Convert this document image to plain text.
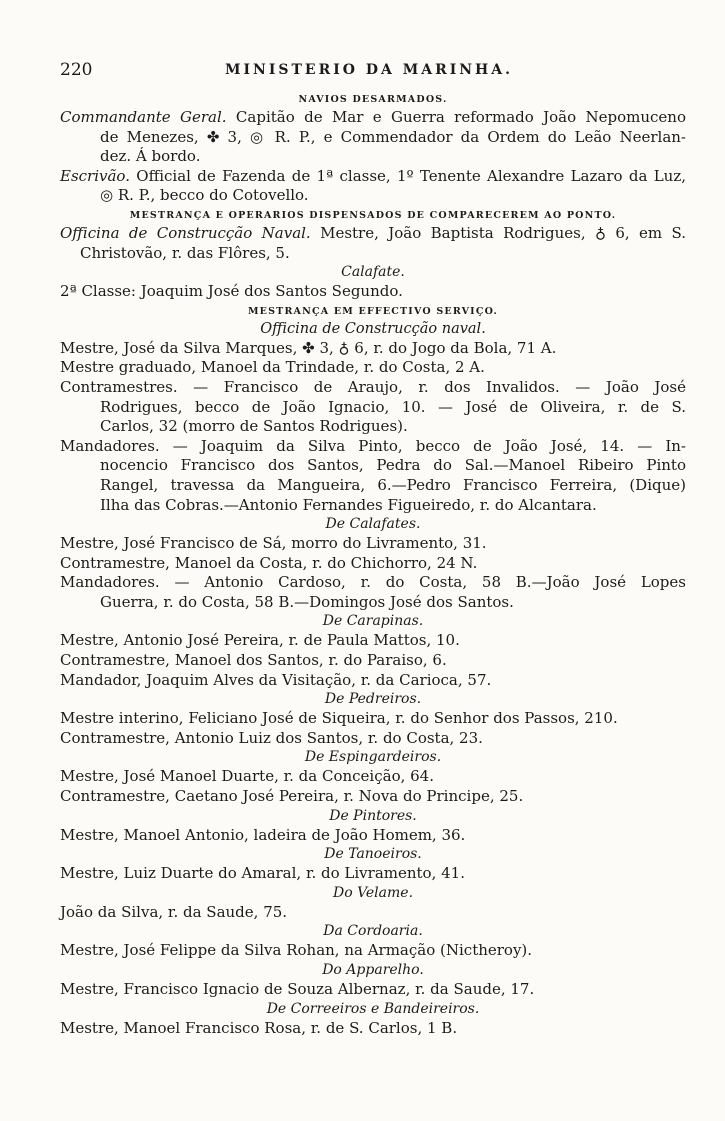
220	MINISTERIO DA MARINHA.
NAVIOS DESARMADOS.

Commandante Geral. Capitão de Mar e Guerra reformado João Nepomuceno

de Menezes, ✤ 3, ◎ R. P., e Commendador da Ordem do Leão Neerlan-

dez. Á bordo.

Escrivão. Official de Fazenda de 1ª classe, 1º Tenente Alexandre Lazaro da Luz,

◎ R. P., becco do Cotovello.

MESTRANÇA E OPERARIOS DISPENSADOS DE COMPARECEREM AO PONTO.

Officina de Construcção Naval. Mestre, João Baptista Rodrigues, ♁ 6, em S.

Christovão, r. das Flôres, 5.

Calafate.

2ª Classe: Joaquim José dos Santos Segundo.

MESTRANÇA EM EFFECTIVO SERVIÇO.
Officina de Construcção naval.

Mestre, José da Silva Marques, ✤ 3, ♁ 6, r. do Jogo da Bola, 71 A.

Mestre graduado, Manoel da Trindade, r. do Costa, 2 A.

Contramestres. — Francisco de Araujo, r. dos Invalidos. — João José

Rodrigues, becco de João Ignacio, 10. — José de Oliveira, r. de S.

Carlos, 32 (morro de Santos Rodrigues).

Mandadores. — Joaquim da Silva Pinto, becco de João José, 14. — In-

nocencio Francisco dos Santos, Pedra do Sal.—Manoel Ribeiro Pinto

Rangel, travessa da Mangueira, 6.—Pedro Francisco Ferreira, (Dique)

Ilha das Cobras.—Antonio Fernandes Figueiredo, r. do Alcantara.

De Calafates.

Mestre, José Francisco de Sá, morro do Livramento, 31.

Contramestre, Manoel da Costa, r. do Chichorro, 24 N.

Mandadores. — Antonio Cardoso, r. do Costa, 58 B.—João José Lopes

Guerra, r. do Costa, 58 B.—Domingos José dos Santos.

De Carapinas.

Mestre, Antonio José Pereira, r. de Paula Mattos, 10.

Contramestre, Manoel dos Santos, r. do Paraiso, 6.

Mandador, Joaquim Alves da Visitação, r. da Carioca, 57.

De Pedreiros.

Mestre interino, Feliciano José de Siqueira, r. do Senhor dos Passos, 210.

Contramestre, Antonio Luiz dos Santos, r. do Costa, 23.

De Espingardeiros.

Mestre, José Manoel Duarte, r. da Conceição, 64.

Contramestre, Caetano José Pereira, r. Nova do Principe, 25.

De Pintores.

Mestre, Manoel Antonio, ladeira de João Homem, 36.

De Tanoeiros.

Mestre, Luiz Duarte do Amaral, r. do Livramento, 41.

Do Velame.

João da Silva, r. da Saude, 75.

Da Cordoaria.

Mestre, José Felippe da Silva Rohan, na Armação (Nictheroy).

Do Apparelho.

Mestre, Francisco Ignacio de Souza Albernaz, r. da Saude, 17.

De Correeiros e Bandeireiros.

Mestre, Manoel Francisco Rosa, r. de S. Carlos, 1 B.
